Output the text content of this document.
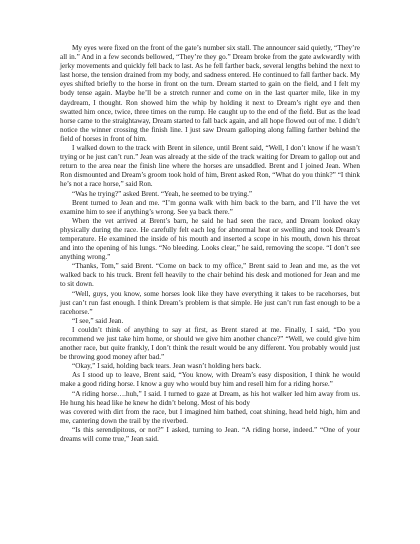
My eyes were fixed on the front of the gate’s number six stall. The announcer said quietly, “They’re all in.” And in a few seconds bellowed, “They’re they go.” Dream broke from the gate awkwardly with jerky movements and quickly fell back to last. As he fell farther back, several lengths behind the next to last horse, the tension drained from my body, and sadness entered. He continued to fall farther back. My eyes shifted briefly to the horse in front on the turn. Dream started to gain on the field, and I felt my body tense again. Maybe he’ll be a stretch runner and come on in the last quarter mile, like in my daydream, I thought. Ron showed him the whip by holding it next to Dream’s right eye and then swatted him once, twice, three times on the rump. He caught up to the end of the field. But as the lead horse came to the straightaway, Dream started to fall back again, and all hope flowed out of me. I didn’t notice the winner crossing the finish line. I just saw Dream galloping along falling farther behind the field of horses in front of him.

I walked down to the track with Brent in silence, until Brent said, “Well, I don’t know if he wasn’t trying or he just can’t run.” Jean was already at the side of the track waiting for Dream to gallop out and return to the area near the finish line where the horses are unsaddled. Brent and I joined Jean. When Ron dismounted and Dream’s groom took hold of him, Brent asked Ron, “What do you think?” “I think he’s not a race horse,” said Ron.

“Was he trying?” asked Brent. “Yeah, he seemed to be trying.”

Brent turned to Jean and me. “I’m gonna walk with him back to the barn, and I’ll have the vet examine him to see if anything’s wrong. See ya back there.”

When the vet arrived at Brent’s barn, he said he had seen the race, and Dream looked okay physically during the race. He carefully felt each leg for abnormal heat or swelling and took Dream’s temperature. He examined the inside of his mouth and inserted a scope in his mouth, down his throat and into the opening of his lungs. “No bleeding. Looks clear,” he said, removing the scope. “I don’t see anything wrong.”

“Thanks, Tom,” said Brent. “Come on back to my office,” Brent said to Jean and me, as the vet walked back to his truck. Brent fell heavily to the chair behind his desk and motioned for Jean and me to sit down.

“Well, guys, you know, some horses look like they have everything it takes to be racehorses, but just can’t run fast enough. I think Dream’s problem is that simple. He just can’t run fast enough to be a racehorse.”

“I see,” said Jean.

I couldn’t think of anything to say at first, as Brent stared at me. Finally, I said, “Do you recommend we just take him home, or should we give him another chance?” “Well, we could give him another race, but quite frankly, I don’t think the result would be any different. You probably would just be throwing good money after bad.”

“Okay,” I said, holding back tears. Jean wasn’t holding hers back.

As I stood up to leave, Brent said, “You know, with Dream’s easy disposition, I think he would make a good riding horse. I know a guy who would buy him and resell him for a riding horse.”

“A riding horse….huh,” I said. I turned to gaze at Dream, as his hot walker led him away from us. He hung his head like he knew he didn’t belong. Most of his body

was covered with dirt from the race, but I imagined him bathed, coat shining, head held high, him and me, cantering down the trail by the riverbed.

“Is this serendipitous, or not?” I asked, turning to Jean. “A riding horse, indeed.” “One of your dreams will come true,” Jean said.
